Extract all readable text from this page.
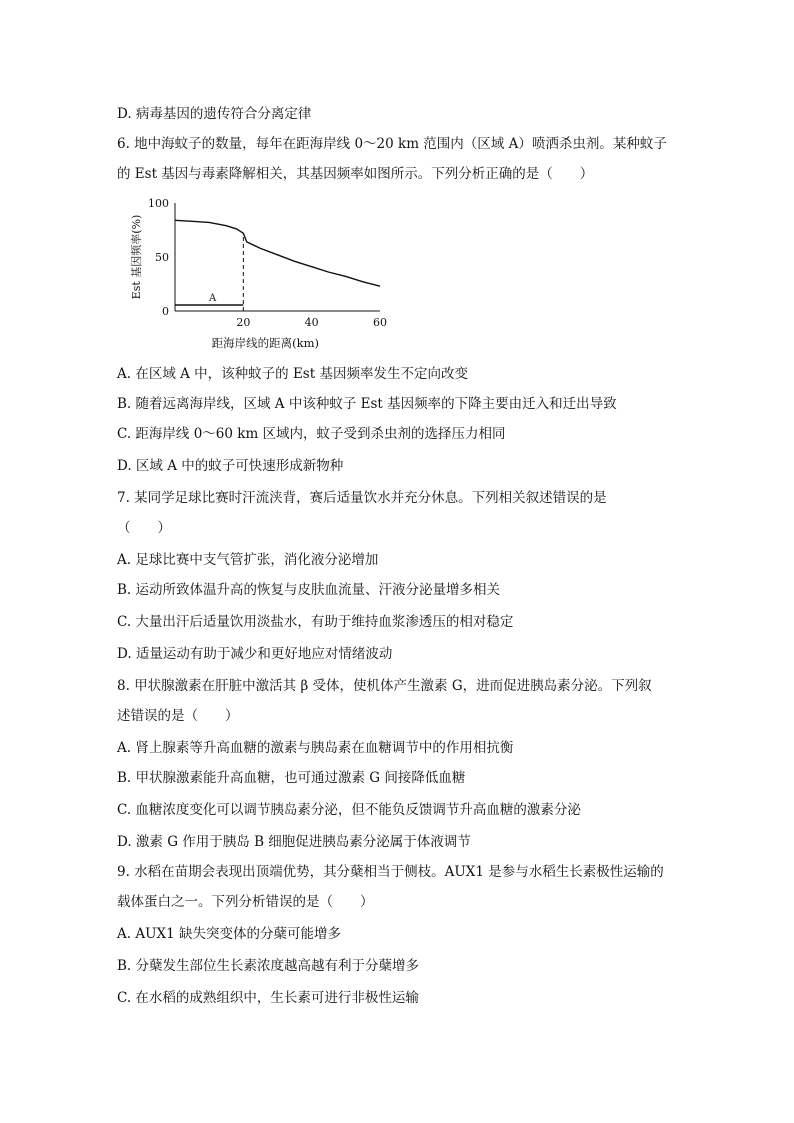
D. 病毒基因的遗传符合分离定律
6. 地中海蚊子的数量，每年在距海岸线 0～20 km 范围内（区域 A）喷洒杀虫剂。某种蚊子
的 Est 基因与毒素降解相关，其基因频率如图所示。下列分析正确的是（　　）
A. 在区域 A 中，该种蚊子的 Est 基因频率发生不定向改变
B. 随着远离海岸线，区域 A 中该种蚊子 Est 基因频率的下降主要由迁入和迁出导致
C. 距海岸线 0～60 km 区域内，蚊子受到杀虫剂的选择压力相同
D. 区域 A 中的蚊子可快速形成新物种
7. 某同学足球比赛时汗流浃背，赛后适量饮水并充分休息。下列相关叙述错误的是
（　　）
A. 足球比赛中支气管扩张，消化液分泌增加
B. 运动所致体温升高的恢复与皮肤血流量、汗液分泌量增多相关
C. 大量出汗后适量饮用淡盐水，有助于维持血浆渗透压的相对稳定
D. 适量运动有助于减少和更好地应对情绪波动
8. 甲状腺激素在肝脏中激活其 β 受体，使机体产生激素 G，进而促进胰岛素分泌。下列叙
述错误的是（　　）
A. 肾上腺素等升高血糖的激素与胰岛素在血糖调节中的作用相抗衡
B. 甲状腺激素能升高血糖，也可通过激素 G 间接降低血糖
C. 血糖浓度变化可以调节胰岛素分泌，但不能负反馈调节升高血糖的激素分泌
D. 激素 G 作用于胰岛 B 细胞促进胰岛素分泌属于体液调节
9. 水稻在苗期会表现出顶端优势，其分蘖相当于侧枝。AUX1 是参与水稻生长素极性运输的
载体蛋白之一。下列分析错误的是（　　）
A. AUX1 缺失突变体的分蘖可能增多
B. 分蘖发生部位生长素浓度越高越有利于分蘖增多
C. 在水稻的成熟组织中，生长素可进行非极性运输
100
50
0
20	40	60
距海岸线的距离(km)
Est 基因频率(%)	A
